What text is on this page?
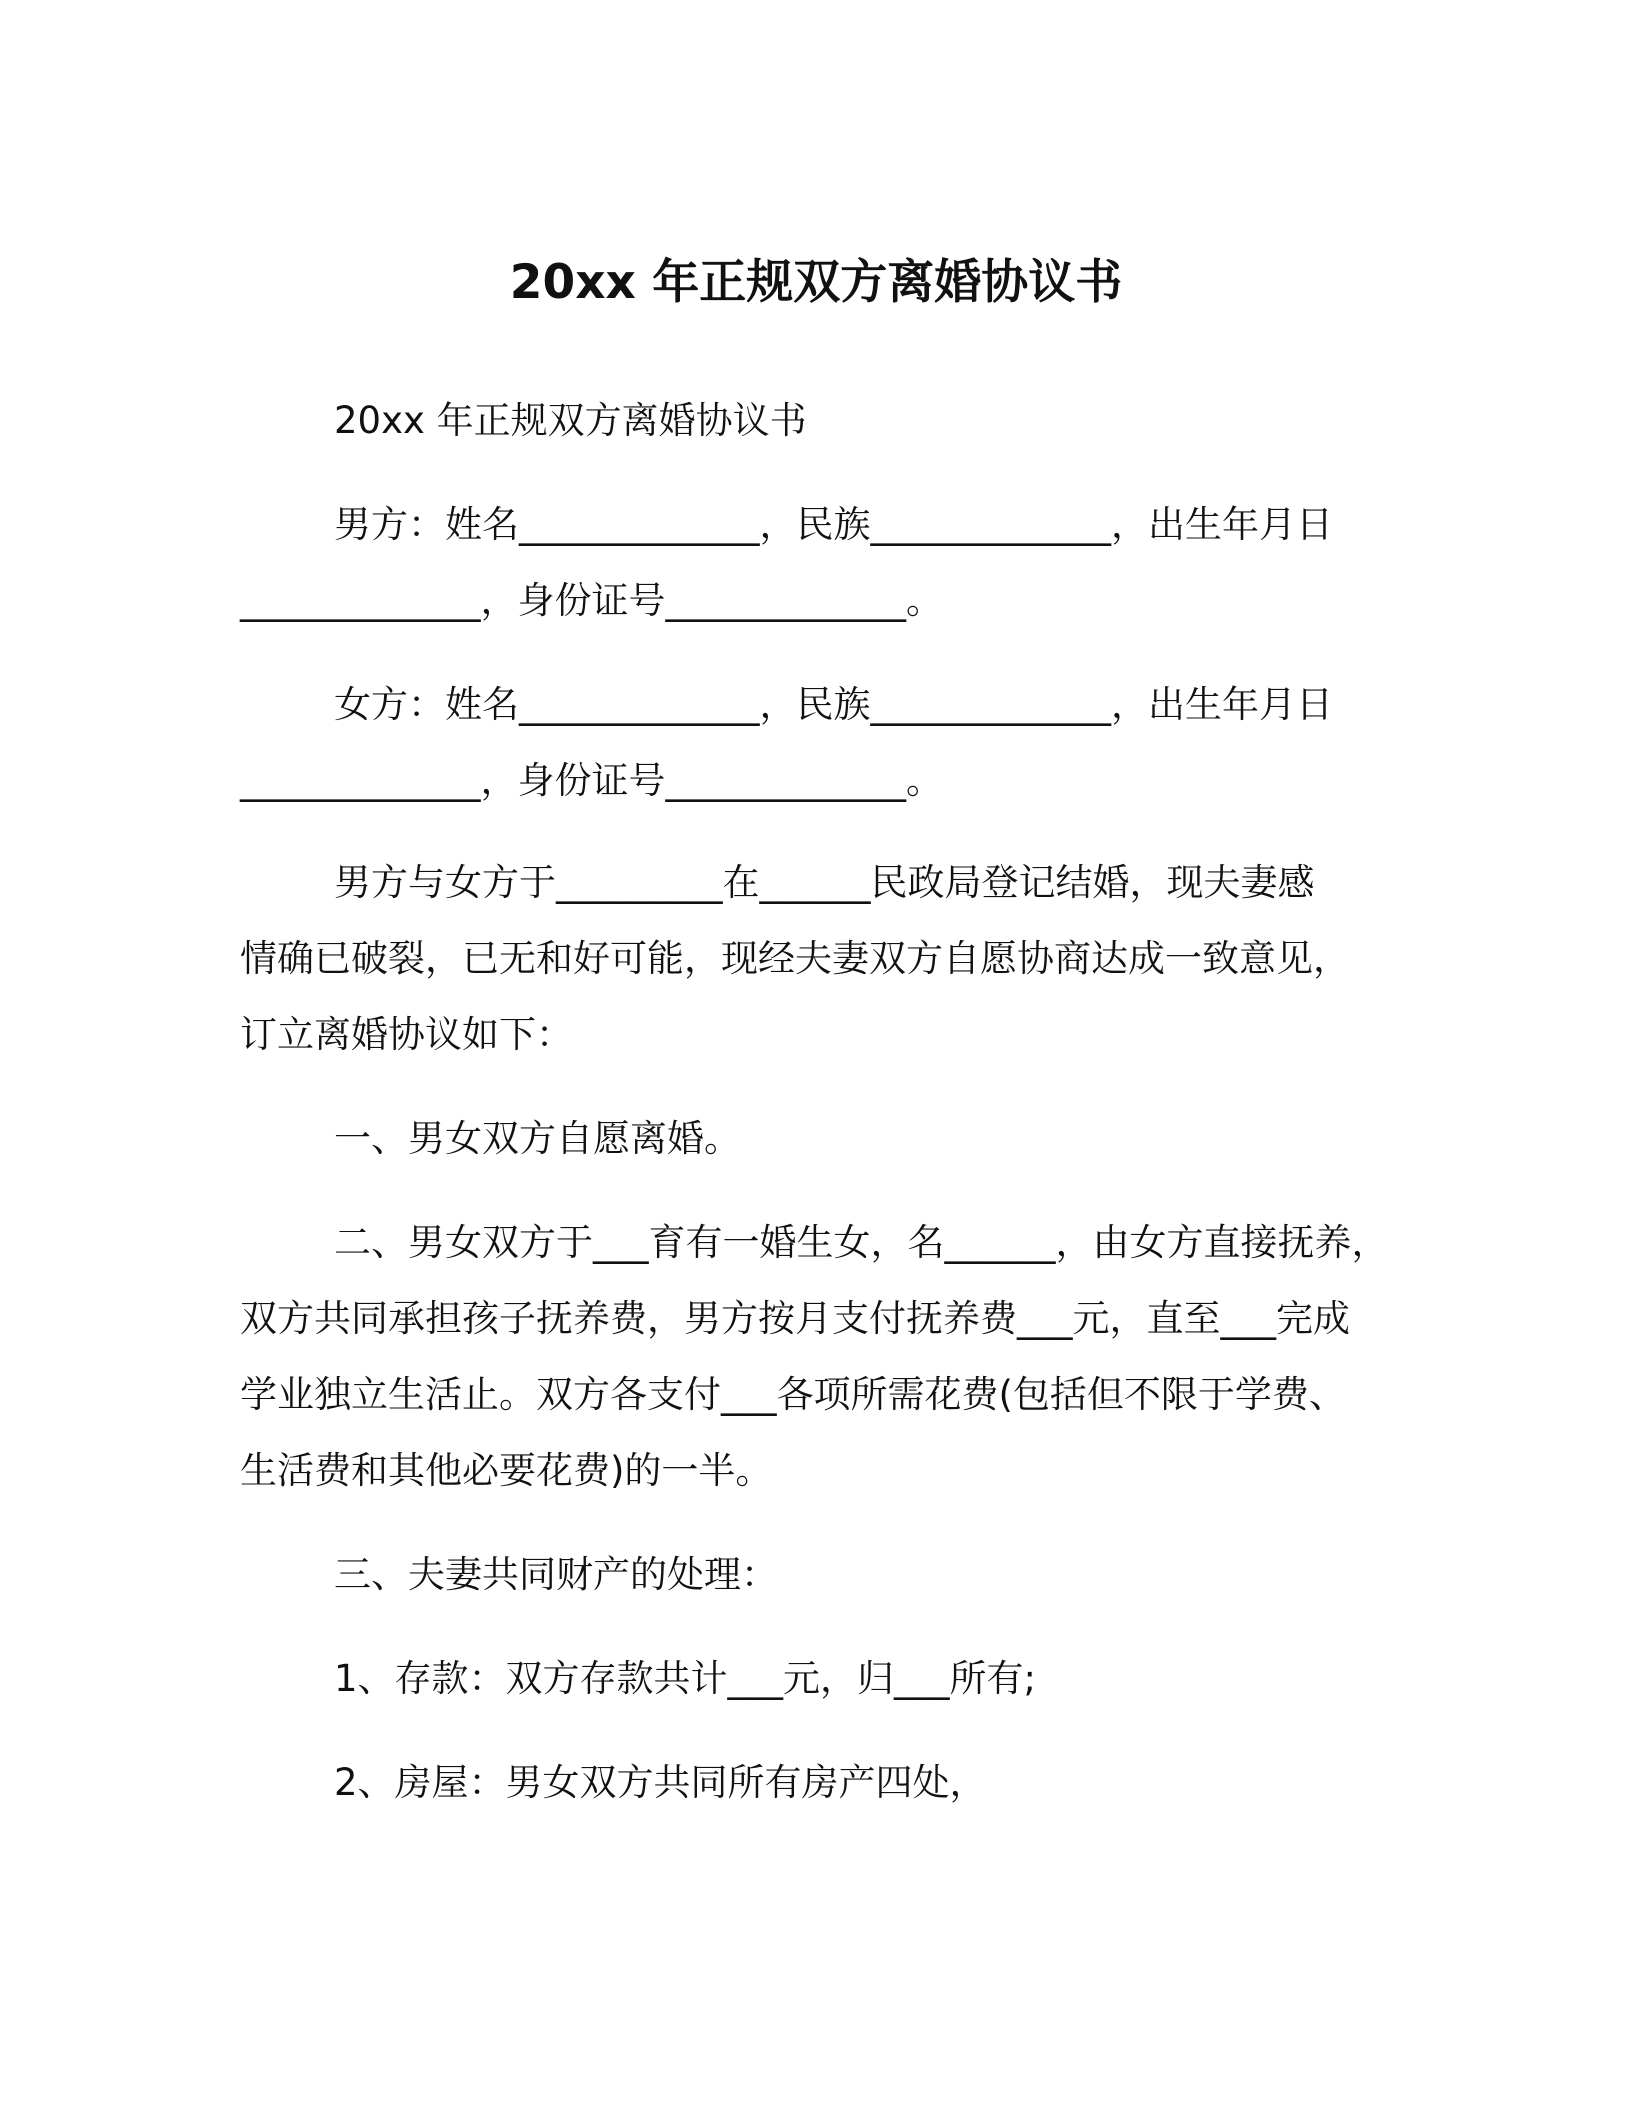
20xx 年正规双方离婚协议书
20xx 年正规双方离婚协议书
男方：姓名_____________，民族_____________，出生年月日
_____________，身份证号_____________。
女方：姓名_____________，民族_____________，出生年月日
_____________，身份证号_____________。
男方与女方于_________在______民政局登记结婚，现夫妻感
情确已破裂，已无和好可能，现经夫妻双方自愿协商达成一致意见，
订立离婚协议如下：
一、男女双方自愿离婚。
二、男女双方于___育有一婚生女，名______，由女方直接抚养，
双方共同承担孩子抚养费，男方按月支付抚养费___元，直至___完成
学业独立生活止。双方各支付___各项所需花费(包括但不限于学费、
生活费和其他必要花费)的一半。
三、夫妻共同财产的处理：
1、存款：双方存款共计___元，归___所有;
2、房屋：男女双方共同所有房产四处，
